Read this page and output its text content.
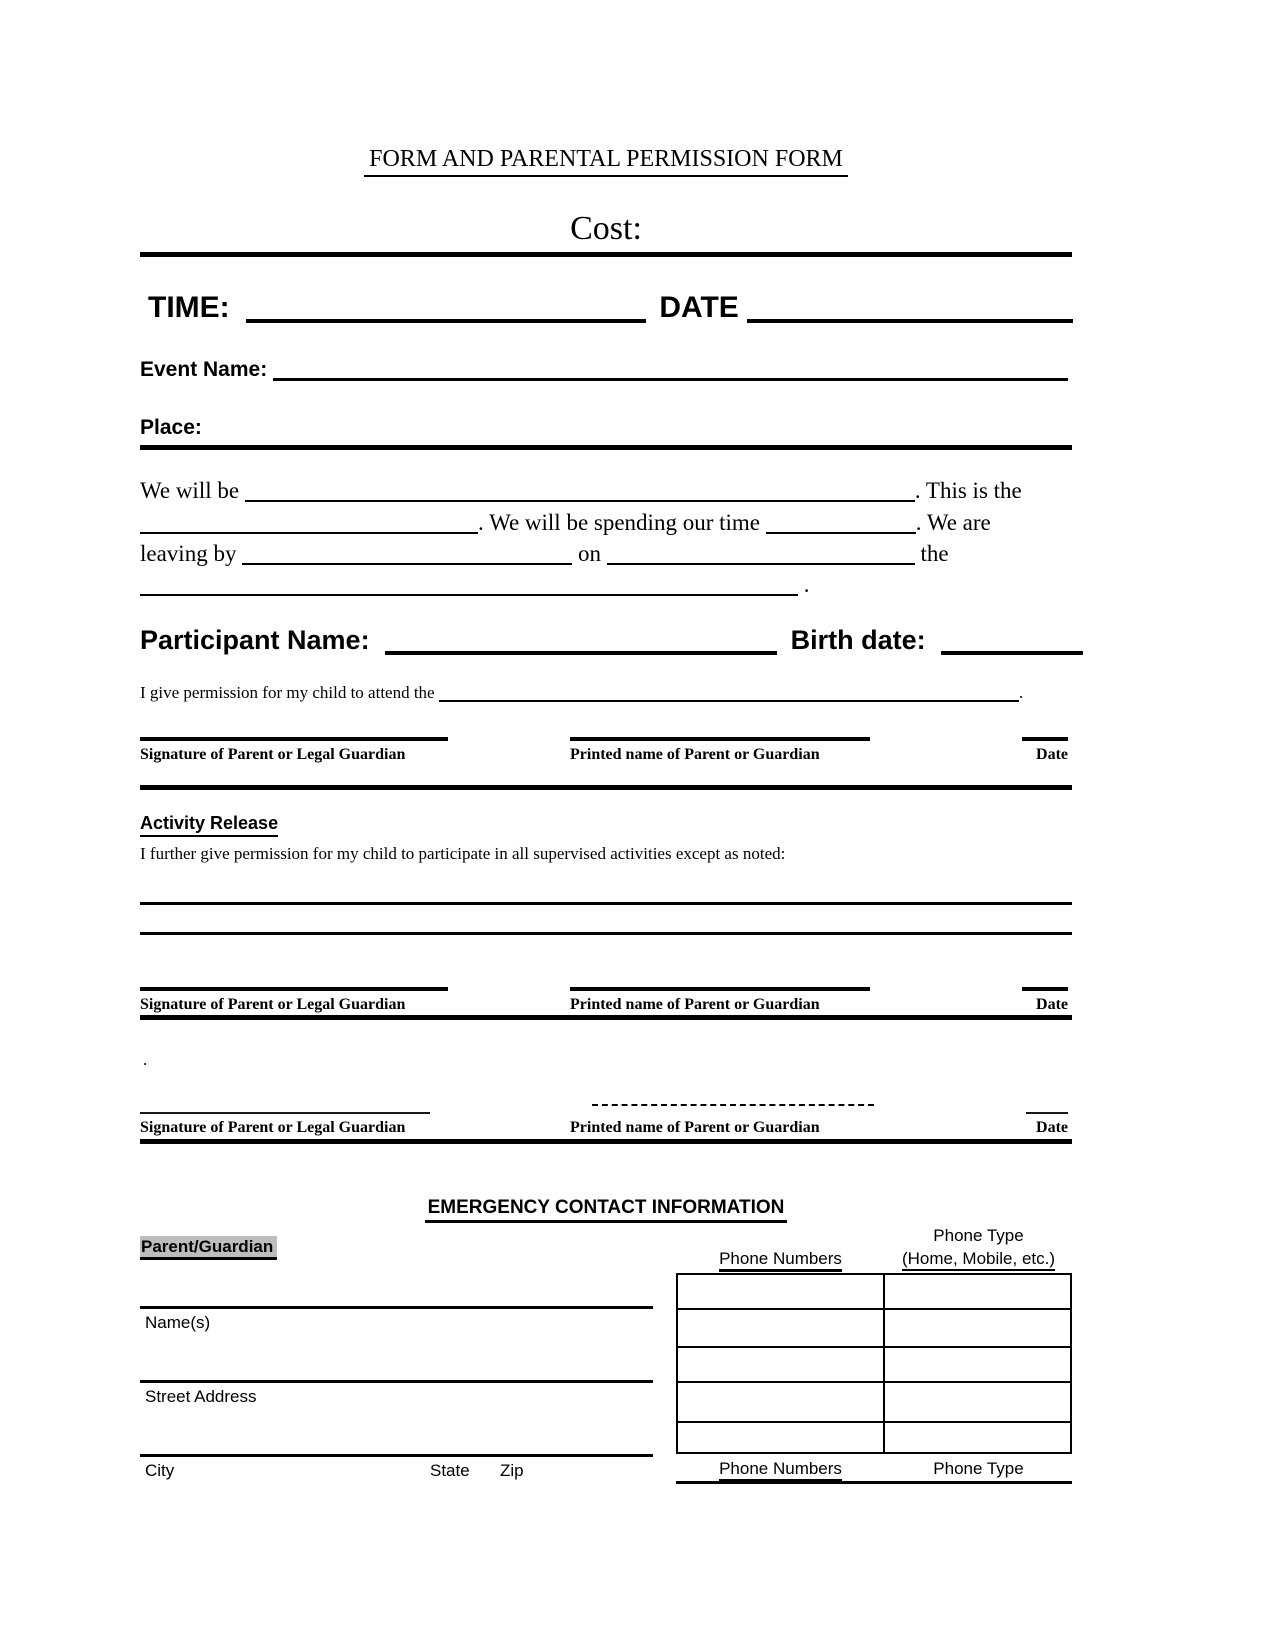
FORM AND PARENTAL PERMISSION FORM
Cost:
TIME:	DATE
Event Name:
Place:
We will be	. This is the
. We will be spending our time	. We are
leaving by	on	the
.
Participant Name:	Birth date:
I give permission for my child to attend the	.
Signature of Parent or Legal Guardian	Printed name of Parent or Guardian	Date
Activity Release
I further give permission for my child to participate in all supervised activities except as noted:
Signature of Parent or Legal Guardian	Printed name of Parent or Guardian	Date
.
Signature of Parent or Legal Guardian	Printed name of Parent or Guardian	Date
EMERGENCY CONTACT INFORMATION
Parent/Guardian
Phone Type
Phone Numbers	(Home, Mobile, etc.)
Name(s)
Street Address
City	State Zip	Phone Numbers	Phone Type
